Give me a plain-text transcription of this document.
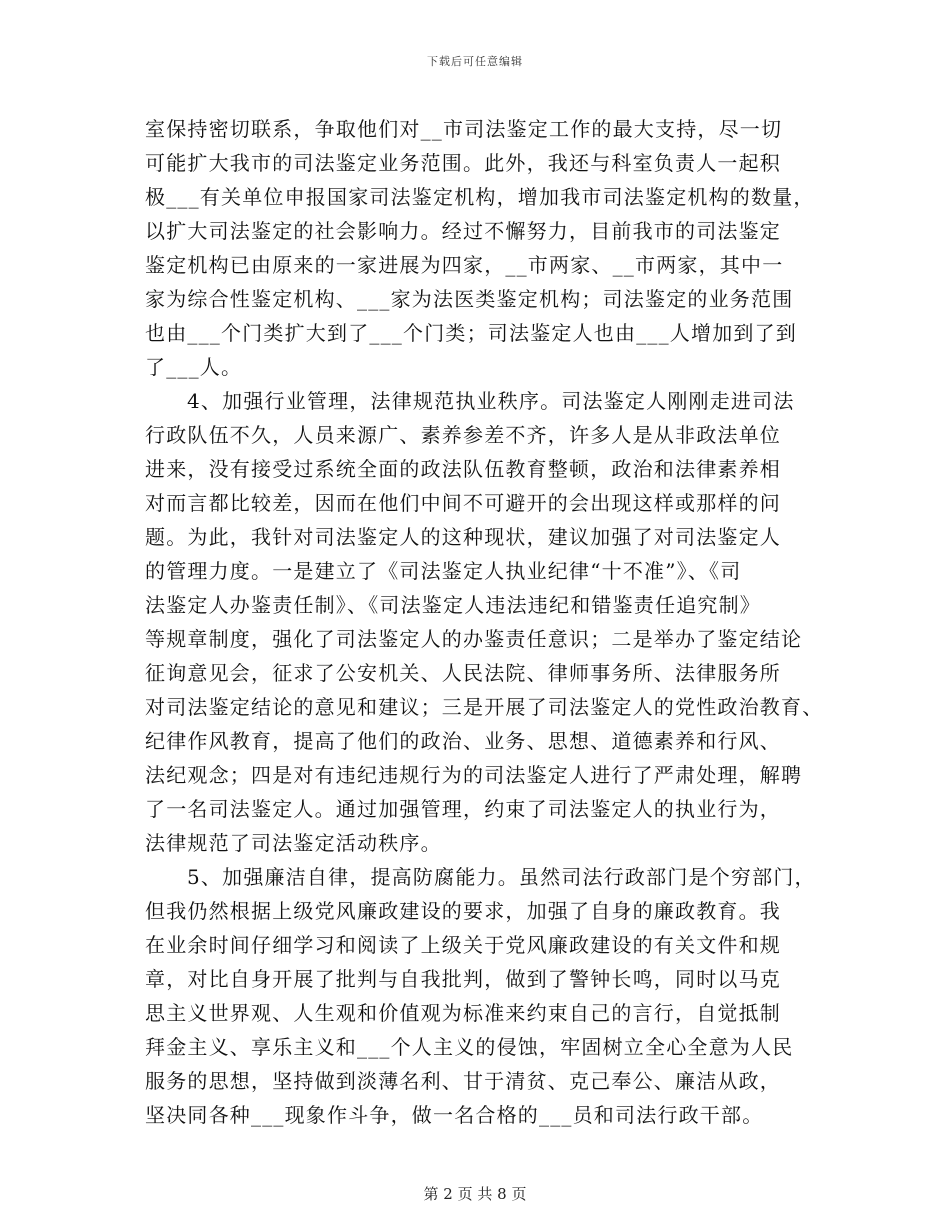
下载后可任意编辑
室保持密切联系，争取他们对__市司法鉴定工作的最大支持，尽一切
可能扩大我市的司法鉴定业务范围。此外，我还与科室负责人一起积
极___有关单位申报国家司法鉴定机构，增加我市司法鉴定机构的数量，
以扩大司法鉴定的社会影响力。经过不懈努力，目前我市的司法鉴定
鉴定机构已由原来的一家进展为四家，__市两家、__市两家，其中一
家为综合性鉴定机构、___家为法医类鉴定机构；司法鉴定的业务范围
也由___个门类扩大到了___个门类；司法鉴定人也由___人增加到了到
了___人。
4、加强行业管理，法律规范执业秩序。司法鉴定人刚刚走进司法
行政队伍不久，人员来源广、素养参差不齐，许多人是从非政法单位
进来，没有接受过系统全面的政法队伍教育整顿，政治和法律素养相
对而言都比较差，因而在他们中间不可避开的会出现这样或那样的问
题。为此，我针对司法鉴定人的这种现状，建议加强了对司法鉴定人
的管理力度。一是建立了《司法鉴定人执业纪律“十不准”》、《司
法鉴定人办鉴责任制》、《司法鉴定人违法违纪和错鉴责任追究制》
等规章制度，强化了司法鉴定人的办鉴责任意识；二是举办了鉴定结论
征询意见会，征求了公安机关、人民法院、律师事务所、法律服务所
对司法鉴定结论的意见和建议；三是开展了司法鉴定人的党性政治教育、
纪律作风教育，提高了他们的政治、业务、思想、道德素养和行风、
法纪观念；四是对有违纪违规行为的司法鉴定人进行了严肃处理，解聘
了一名司法鉴定人。通过加强管理，约束了司法鉴定人的执业行为，
法律规范了司法鉴定活动秩序。
5、加强廉洁自律，提高防腐能力。虽然司法行政部门是个穷部门，
但我仍然根据上级党风廉政建设的要求，加强了自身的廉政教育。我
在业余时间仔细学习和阅读了上级关于党风廉政建设的有关文件和规
章，对比自身开展了批判与自我批判，做到了警钟长鸣，同时以马克
思主义世界观、人生观和价值观为标准来约束自己的言行，自觉抵制
拜金主义、享乐主义和___个人主义的侵蚀，牢固树立全心全意为人民
服务的思想，坚持做到淡薄名利、甘于清贫、克己奉公、廉洁从政，
坚决同各种___现象作斗争，做一名合格的___员和司法行政干部。
第 2 页 共 8 页
